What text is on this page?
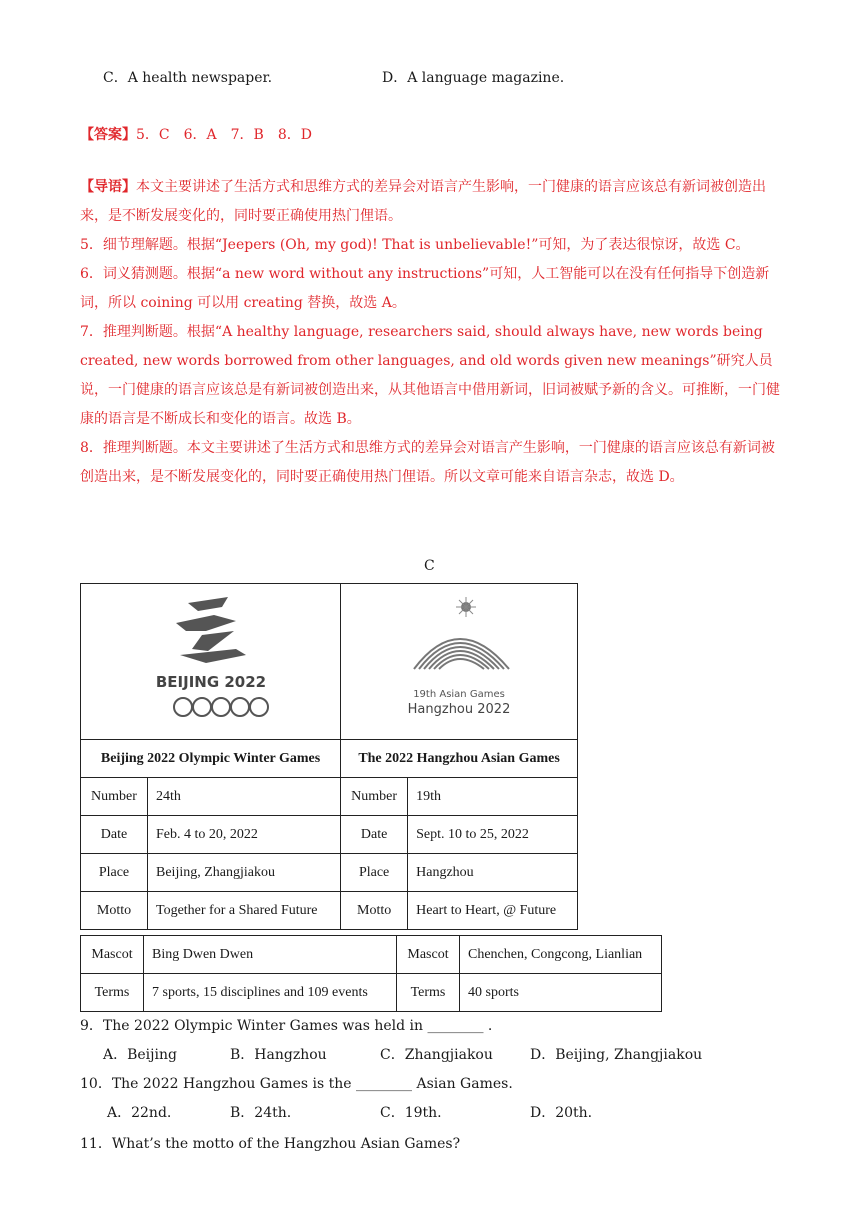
C．A health newspaper.	D．A language magazine.
【答案】5．C　6．A　7．B　8．D

【导语】本文主要讲述了生活方式和思维方式的差异会对语言产生影响，一门健康的语言应该总有新词被创造出来，是不断发展变化的，同时要正确使用热门俚语。

5．细节理解题。根据“Jeepers (Oh, my god)! That is unbelievable!”可知，为了表达很惊讶，故选 C。

6．词义猜测题。根据“a new word without any instructions”可知，人工智能可以在没有任何指导下创造新词，所以 coining 可以用 creating 替换，故选 A。

7．推理判断题。根据“A healthy language, researchers said, should always have, new words being created, new words borrowed from other languages, and old words given new meanings”研究人员说，一门健康的语言应该总是有新词被创造出来，从其他语言中借用新词，旧词被赋予新的含义。可推断，一门健康的语言是不断成长和变化的语言。故选 B。

8．推理判断题。本文主要讲述了生活方式和思维方式的差异会对语言产生影响，一门健康的语言应该总有新词被创造出来，是不断发展变化的，同时要正确使用热门俚语。所以文章可能来自语言杂志，故选 D。

C
BEIJING 2022		19th Asian Games
Hangzhou 2022	

Beijing 2022 Olympic Winter Games		The 2022 Hangzhou Asian Games	
Number	24th	Number	19th
Date	Feb. 4 to 20, 2022	Date	Sept. 10 to 25, 2022
Place	Beijing, Zhangjiakou	Place	Hangzhou
Motto	Together for a Shared Future	Motto	Heart to Heart, @ Future
Mascot	Bing Dwen Dwen	Mascot	Chenchen, Congcong, Lianlian
Terms	7 sports, 15 disciplines and 109 events	Terms	40 sports
9．The 2022 Olympic Winter Games was held in ________ .
A．Beijing	B．Hangzhou	C．Zhangjiakou	D．Beijing, Zhangjiakou
10．The 2022 Hangzhou Games is the ________ Asian Games.
A．22nd.	B．24th.	C．19th.	D．20th.
11．What’s the motto of the Hangzhou Asian Games?
